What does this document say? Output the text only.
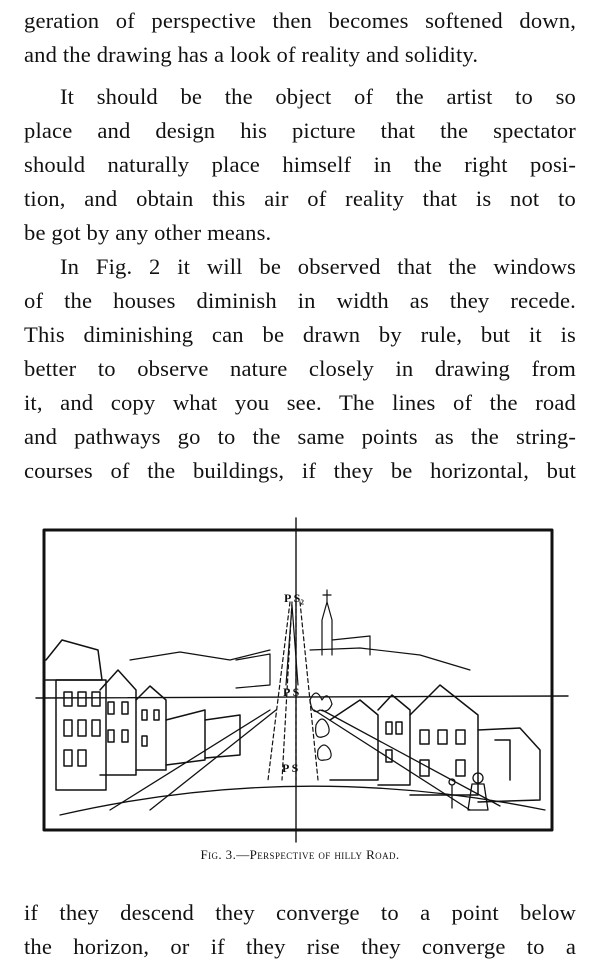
geration of perspective then becomes softened down,
and the drawing has a look of reality and solidity.
It should be the object of the artist to so
place and design his picture that the spectator
should naturally place himself in the right posi-
tion, and obtain this air of reality that is not to
be got by any other means.
In Fig. 2 it will be observed that the windows
of the houses diminish in width as they recede.
This diminishing can be drawn by rule, but it is
better to observe nature closely in drawing from
it, and copy what you see. The lines of the road
and pathways go to the same points as the string-
courses of the buildings, if they be horizontal, but
P S₂
P S
P S
Fig. 3.—Perspective of hilly Road.
if they descend they converge to a point below
the horizon, or if they rise they converge to a
